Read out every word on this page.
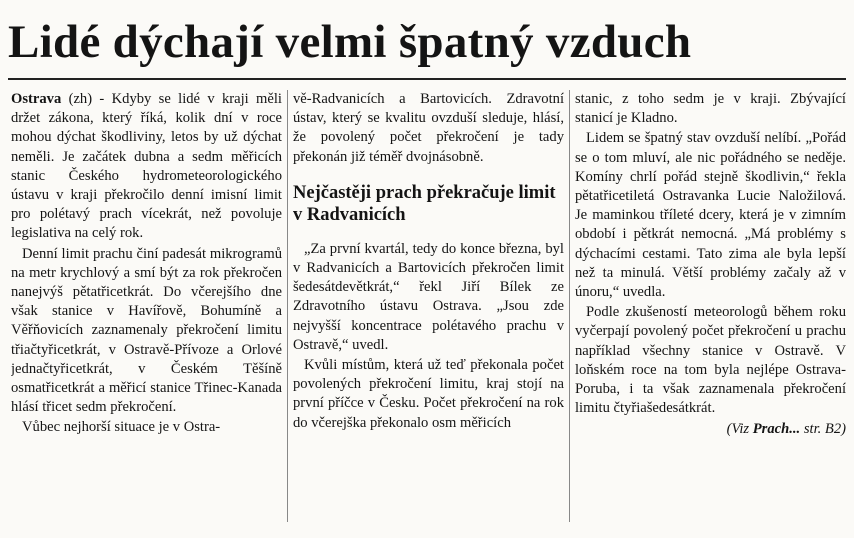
Lidé dýchají velmi špatný vzduch

Ostrava (zh) - Kdyby se lidé v kraji měli držet zákona, který říká, kolik dní v roce mohou dýchat škodliviny, letos by už dýchat neměli. Je začátek dubna a sedm měřicích stanic Českého hydrometeorologického ústavu v kraji překročilo denní imisní limit pro polétavý prach vícekrát, než povoluje legislativa na celý rok.

Denní limit prachu činí padesát mikrogramů na metr krychlový a smí být za rok překročen nanejvýš pětatřicetkrát. Do včerejšího dne však stanice v Havířově, Bohumíně a Věřňovicích zaznamenaly překročení limitu třiačtyřicetkrát, v Ostravě-Přívoze a Orlové jednačtyřicetkrát, v Českém Těšíně osmatřicetkrát a měřicí stanice Třinec-Kanada hlásí třicet sedm překročení.

Vůbec nejhorší situace je v Ostra-

vě-Radvanicích a Bartovicích. Zdravotní ústav, který se kvalitu ovzduší sleduje, hlásí, že povolený počet překročení je tady překonán již téměř dvojnásobně.

Nejčastěji prach překračuje limit v Radvanicích

„Za první kvartál, tedy do konce března, byl v Radvanicích a Bartovicích překročen limit šedesátdevětkrát,“ řekl Jiří Bílek ze Zdravotního ústavu Ostrava. „Jsou zde nejvyšší koncentrace polétavého prachu v Ostravě,“ uvedl.

Kvůli místům, která už teď překonala počet povolených překročení limitu, kraj stojí na první příčce v Česku. Počet překročení na rok do včerejška překonalo osm měřicích

stanic, z toho sedm je v kraji. Zbývající stanicí je Kladno.

Lidem se špatný stav ovzduší nelíbí. „Pořád se o tom mluví, ale nic pořádného se neděje. Komíny chrlí pořád stejně škodlivin,“ řekla pětatřicetiletá Ostravanka Lucie Naložilová. Je maminkou tříleté dcery, která je v zimním období i pětkrát nemocná. „Má problémy s dýchacími cestami. Tato zima ale byla lepší než ta minulá. Větší problémy začaly až v únoru,“ uvedla.

Podle zkušeností meteorologů během roku vyčerpají povolený počet překročení u prachu například všechny stanice v Ostravě. V loňském roce na tom byla nejlépe Ostrava-Poruba, i ta však zaznamenala překročení limitu čtyřiašedesátkrát.

(Viz Prach... str. B2)
